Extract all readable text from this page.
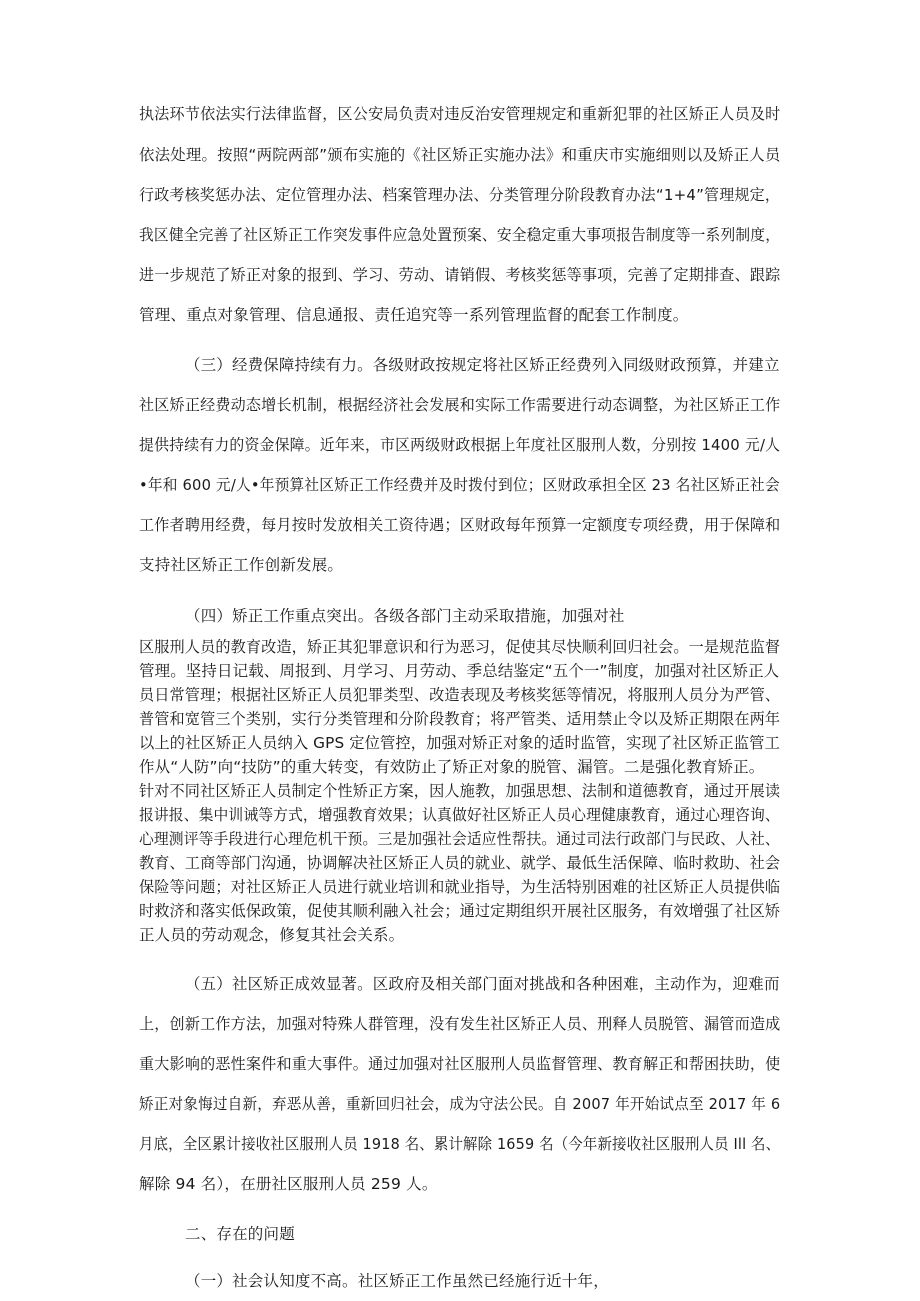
执法环节依法实行法律监督，区公安局负责对违反治安管理规定和重新犯罪的社区矫正人员及时
依法处理。按照“两院两部”颁布实施的《社区矫正实施办法》和重庆市实施细则以及矫正人员
行政考核奖惩办法、定位管理办法、档案管理办法、分类管理分阶段教育办法“1+4”管理规定，
我区健全完善了社区矫正工作突发事件应急处置预案、安全稳定重大事项报告制度等一系列制度，
进一步规范了矫正对象的报到、学习、劳动、请销假、考核奖惩等事项，完善了定期排查、跟踪
管理、重点对象管理、信息通报、责任追究等一系列管理监督的配套工作制度。
（三）经费保障持续有力。各级财政按规定将社区矫正经费列入同级财政预算，并建立
社区矫正经费动态增长机制，根据经济社会发展和实际工作需要进行动态调整，为社区矫正工作
提供持续有力的资金保障。近年来，市区两级财政根据上年度社区服刑人数，分别按 1400 元/人
•年和 600 元/人•年预算社区矫正工作经费并及时拨付到位；区财政承担全区 23 名社区矫正社会
工作者聘用经费，每月按时发放相关工资待遇；区财政每年预算一定额度专项经费，用于保障和
支持社区矫正工作创新发展。
（四）矫正工作重点突出。各级各部门主动采取措施，加强对社
区服刑人员的教育改造，矫正其犯罪意识和行为恶习，促使其尽快顺利回归社会。一是规范监督
管理。坚持日记载、周报到、月学习、月劳动、季总结鉴定“五个一”制度，加强对社区矫正人
员日常管理；根据社区矫正人员犯罪类型、改造表现及考核奖惩等情况，将服刑人员分为严管、
普管和宽管三个类别，实行分类管理和分阶段教育；将严管类、适用禁止令以及矫正期限在两年
以上的社区矫正人员纳入 GPS 定位管控，加强对矫正对象的适时监管，实现了社区矫正监管工
作从“人防”向“技防”的重大转变，有效防止了矫正对象的脱管、漏管。二是强化教育矫正。
针对不同社区矫正人员制定个性矫正方案，因人施教，加强思想、法制和道德教育，通过开展读
报讲报、集中训诫等方式，增强教育效果；认真做好社区矫正人员心理健康教育，通过心理咨询、
心理测评等手段进行心理危机干预。三是加强社会适应性帮扶。通过司法行政部门与民政、人社、
教育、工商等部门沟通，协调解决社区矫正人员的就业、就学、最低生活保障、临时救助、社会
保险等问题；对社区矫正人员进行就业培训和就业指导，为生活特别困难的社区矫正人员提供临
时救济和落实低保政策，促使其顺利融入社会；通过定期组织开展社区服务，有效增强了社区矫
正人员的劳动观念，修复其社会关系。
（五）社区矫正成效显著。区政府及相关部门面对挑战和各种困难，主动作为，迎难而
上，创新工作方法，加强对特殊人群管理，没有发生社区矫正人员、刑释人员脱管、漏管而造成
重大影响的恶性案件和重大事件。通过加强对社区服刑人员监督管理、教育解正和帮困扶助，使
矫正对象悔过自新，弃恶从善，重新回归社会，成为守法公民。自 2007 年开始试点至 2017 年 6
月底，全区累计接收社区服刑人员 1918 名、累计解除 1659 名（今年新接收社区服刑人员 Ill 名、
解除 94 名），在册社区服刑人员 259 人。
二、存在的问题
（一）社会认知度不高。社区矫正工作虽然已经施行近十年，
